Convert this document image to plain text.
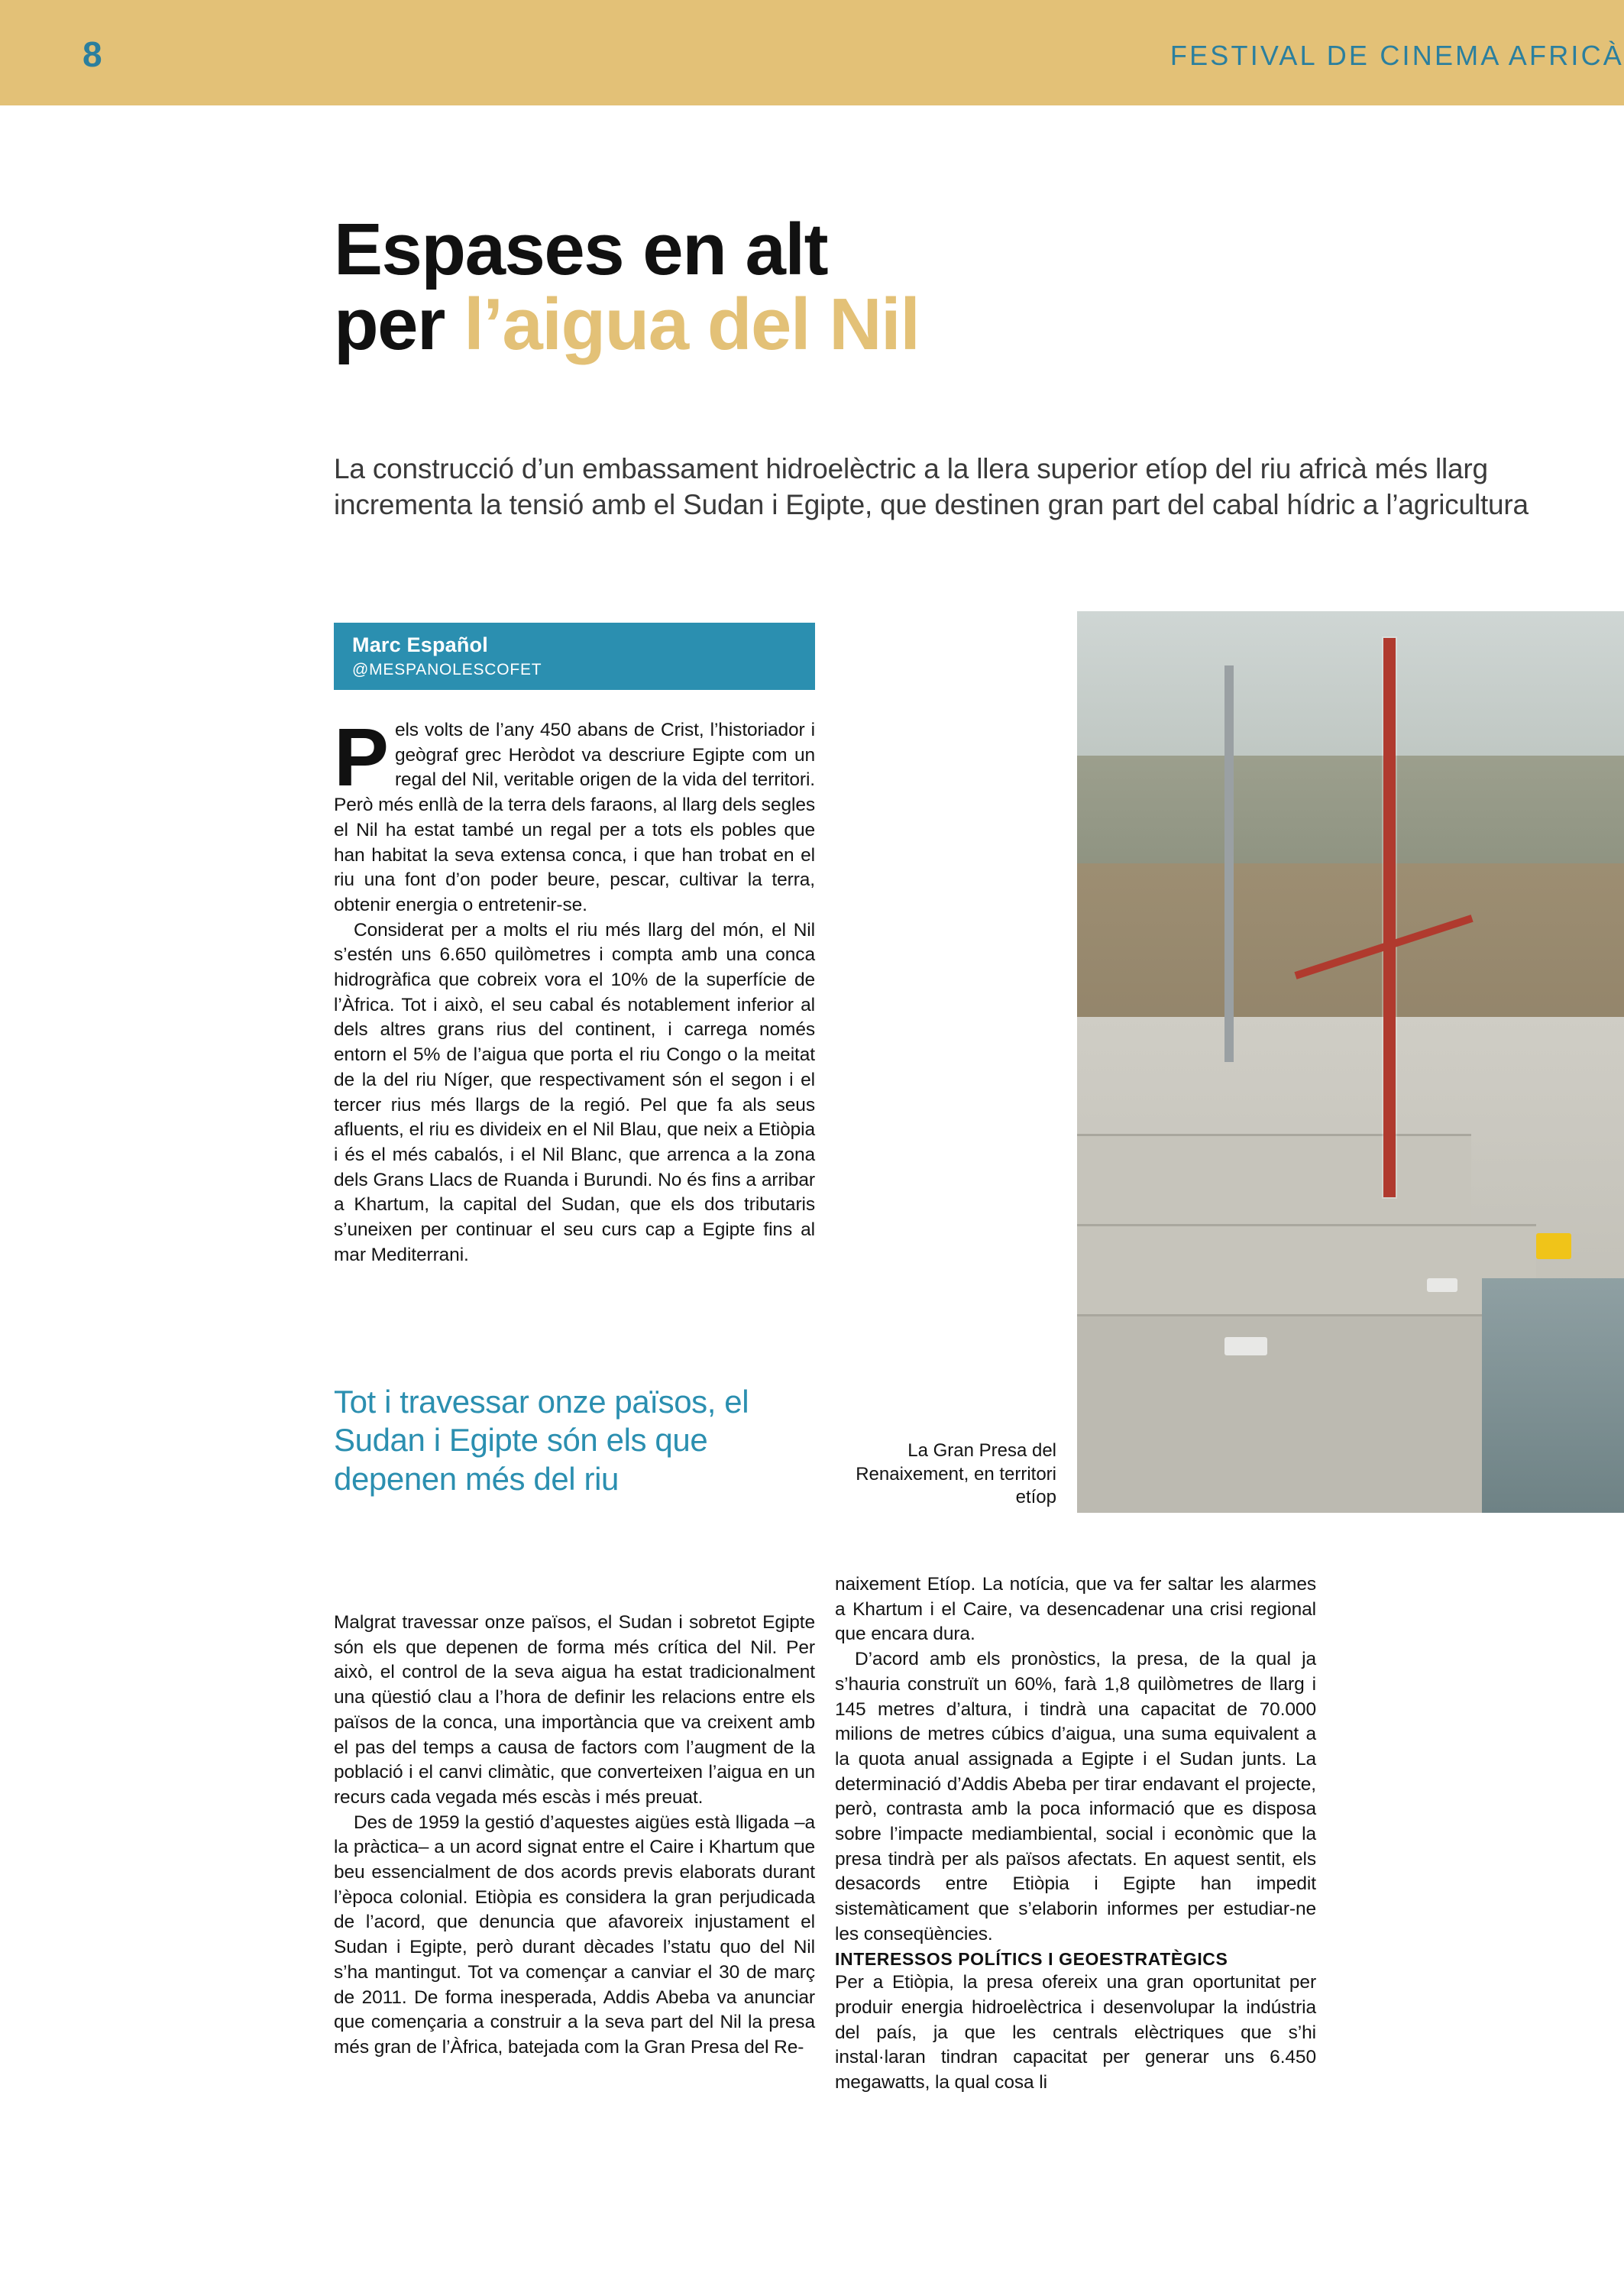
8	FESTIVAL DE CINEMA AFRICÀ
Espases en alt
per l’aigua del Nil
La construcció d’un embassament hidroelèctric a la llera superior etíop del riu africà més llarg incrementa la tensió amb el Sudan i Egipte, que destinen gran part del cabal hídric a l’agricultura
Marc Español
@MESPANOLESCOFET
La Gran Presa del Renaixement, en territori etíop

Pels volts de l’any 450 abans de Crist, l’historiador i geògraf grec Heròdot va descriure Egipte com un regal del Nil, veritable origen de la vida del territori. Però més enllà de la terra dels faraons, al llarg dels segles el Nil ha estat també un regal per a tots els pobles que han habitat la seva extensa conca, i que han trobat en el riu una font d’on poder beure, pescar, cultivar la terra, obtenir energia o entretenir-se.

Considerat per a molts el riu més llarg del món, el Nil s’estén uns 6.650 quilòmetres i compta amb una conca hidrogràfica que cobreix vora el 10% de la superfície de l’Àfrica. Tot i això, el seu cabal és notablement inferior al dels altres grans rius del continent, i carrega només entorn el 5% de l’aigua que porta el riu Congo o la meitat de la del riu Níger, que respectivament són el segon i el tercer rius més llargs de la regió. Pel que fa als seus afluents, el riu es divideix en el Nil Blau, que neix a Etiòpia i és el més cabalós, i el Nil Blanc, que arrenca a la zona dels Grans Llacs de Ruanda i Burundi. No és fins a arribar a Khartum, la capital del Sudan, que els dos tributaris s’uneixen per continuar el seu curs cap a Egipte fins al mar Mediterrani.

Tot i travessar onze països, el Sudan i Egipte són els que depenen més del riu

Malgrat travessar onze països, el Sudan i sobretot Egipte són els que depenen de forma més crítica del Nil. Per això, el control de la seva aigua ha estat tradicionalment una qüestió clau a l’hora de definir les relacions entre els països de la conca, una importància que va creixent amb el pas del temps a causa de factors com l’augment de la població i el canvi climàtic, que converteixen l’aigua en un recurs cada vegada més escàs i més preuat.

Des de 1959 la gestió d’aquestes aigües està lligada –a la pràctica– a un acord signat entre el Caire i Khartum que beu essencialment de dos acords previs elaborats durant l’època colonial. Etiòpia es considera la gran perjudicada de l’acord, que denuncia que afavoreix injustament el Sudan i Egipte, però durant dècades l’statu quo del Nil s’ha mantingut. Tot va començar a canviar el 30 de març de 2011. De forma inesperada, Addis Abeba va anunciar que començaria a construir a la seva part del Nil la presa més gran de l’Àfrica, batejada com la Gran Presa del Re-

naixement Etíop. La notícia, que va fer saltar les alarmes a Khartum i el Caire, va desencadenar una crisi regional que encara dura.

D’acord amb els pronòstics, la presa, de la qual ja s’hauria construït un 60%, farà 1,8 quilòmetres de llarg i 145 metres d’altura, i tindrà una capacitat de 70.000 milions de metres cúbics d’aigua, una suma equivalent a la quota anual assignada a Egipte i el Sudan junts. La determinació d’Addis Abeba per tirar endavant el projecte, però, contrasta amb la poca informació que es disposa sobre l’impacte mediambiental, social i econòmic que la presa tindrà per als països afectats. En aquest sentit, els desacords entre Etiòpia i Egipte han impedit sistemàticament que s’elaborin informes per estudiar-ne les conseqüències.

INTERESSOS POLÍTICS I GEOESTRATÈGICS

Per a Etiòpia, la presa ofereix una gran oportunitat per produir energia hidroelèctrica i desenvolupar la indústria del país, ja que les centrals elèctriques que s’hi instal·laran tindran capacitat per generar uns 6.450 megawatts, la qual cosa li
